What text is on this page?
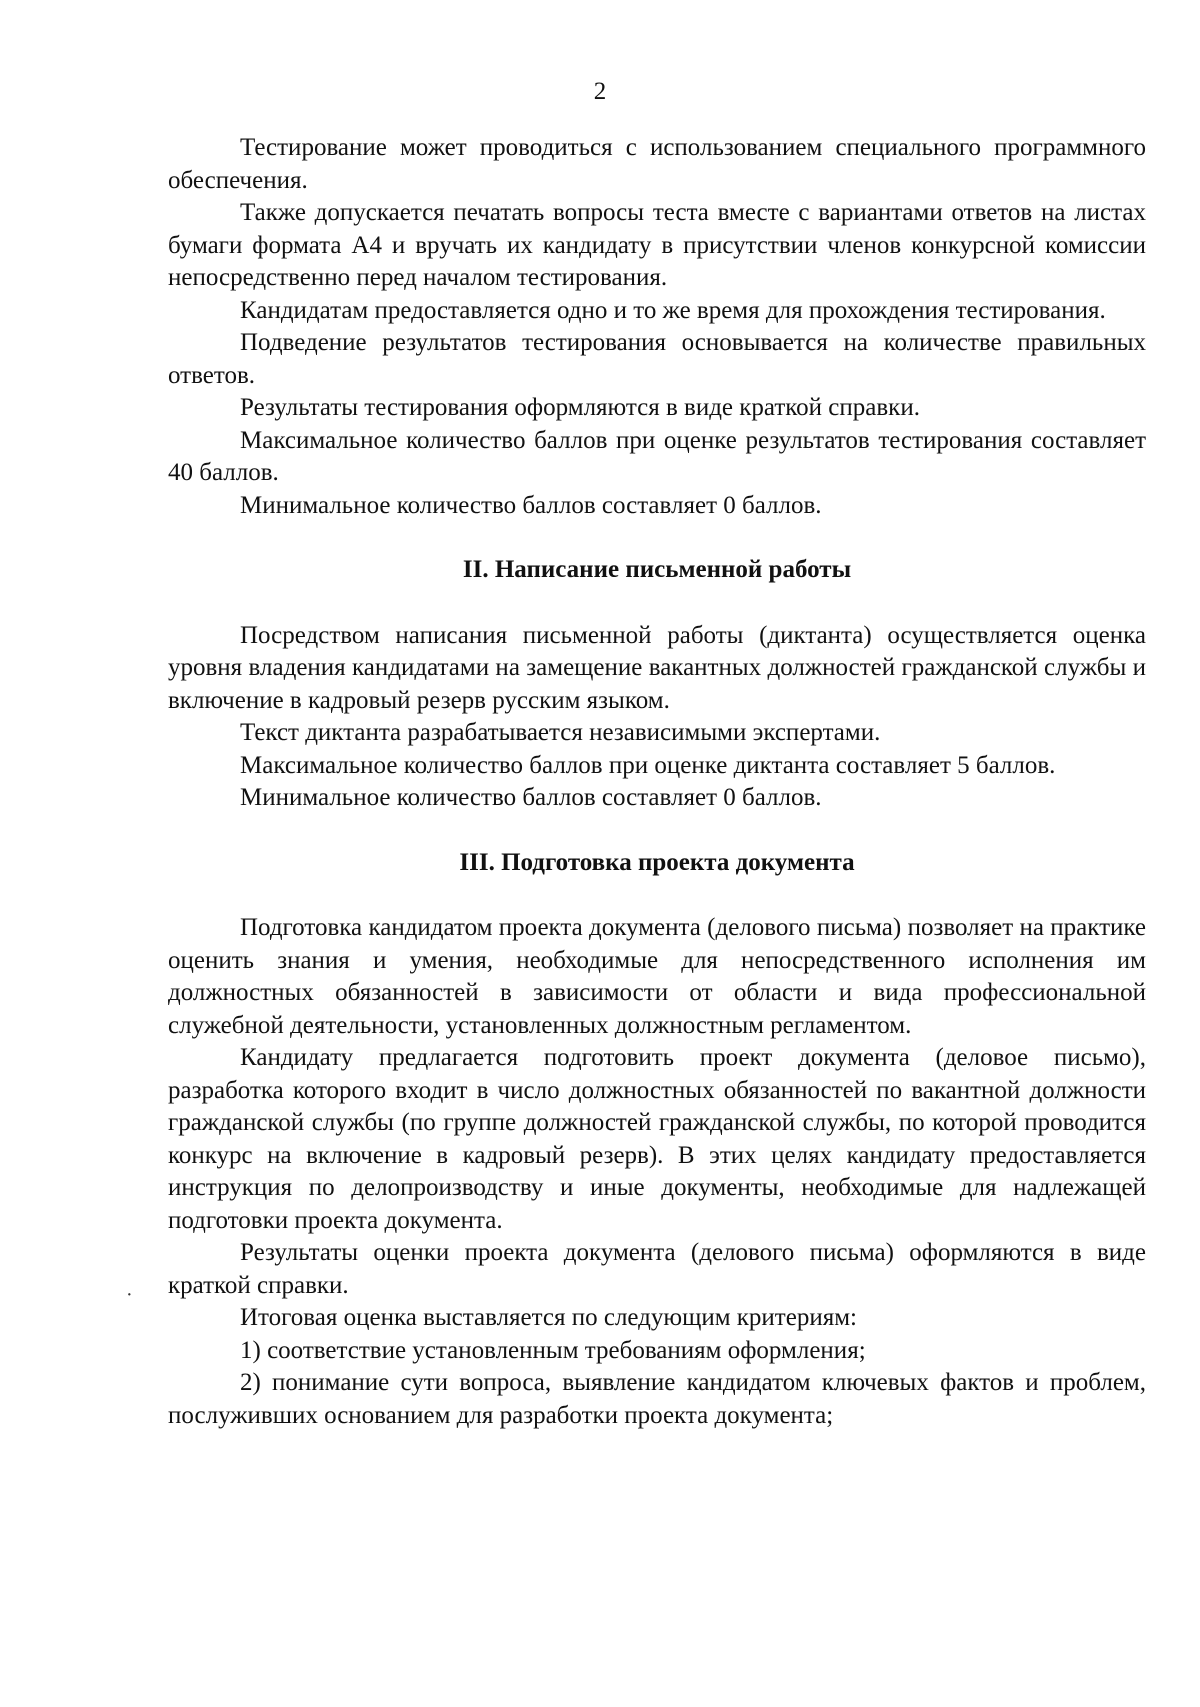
2
·

Тестирование может проводиться с использованием специального программного обеспечения.

Также допускается печатать вопросы теста вместе с вариантами ответов на листах бумаги формата А4 и вручать их кандидату в присутствии членов конкурсной комиссии непосредственно перед началом тестирования.

Кандидатам предоставляется одно и то же время для прохождения тестирования.

Подведение результатов тестирования основывается на количестве правильных ответов.

Результаты тестирования оформляются в виде краткой справки.

Максимальное количество баллов при оценке результатов тестирования составляет 40 баллов.

Минимальное количество баллов составляет 0 баллов.

II. Написание письменной работы

Посредством написания письменной работы (диктанта) осуществляется оценка уровня владения кандидатами на замещение вакантных должностей гражданской службы и включение в кадровый резерв русским языком.

Текст диктанта разрабатывается независимыми экспертами.

Максимальное количество баллов при оценке диктанта составляет 5 баллов.

Минимальное количество баллов составляет 0 баллов.

III. Подготовка проекта документа

Подготовка кандидатом проекта документа (делового письма) позволяет на практике оценить знания и умения, необходимые для непосредственного исполнения им должностных обязанностей в зависимости от области и вида профессиональной служебной деятельности, установленных должностным регламентом.

Кандидату предлагается подготовить проект документа (деловое письмо), разработка которого входит в число должностных обязанностей по вакантной должности гражданской службы (по группе должностей гражданской службы, по которой проводится конкурс на включение в кадровый резерв). В этих целях кандидату предоставляется инструкция по делопроизводству и иные документы, необходимые для надлежащей подготовки проекта документа.

Результаты оценки проекта документа (делового письма) оформляются в виде краткой справки.

Итоговая оценка выставляется по следующим критериям:

1) соответствие установленным требованиям оформления;

2) понимание сути вопроса, выявление кандидатом ключевых фактов и проблем, послуживших основанием для разработки проекта документа;
